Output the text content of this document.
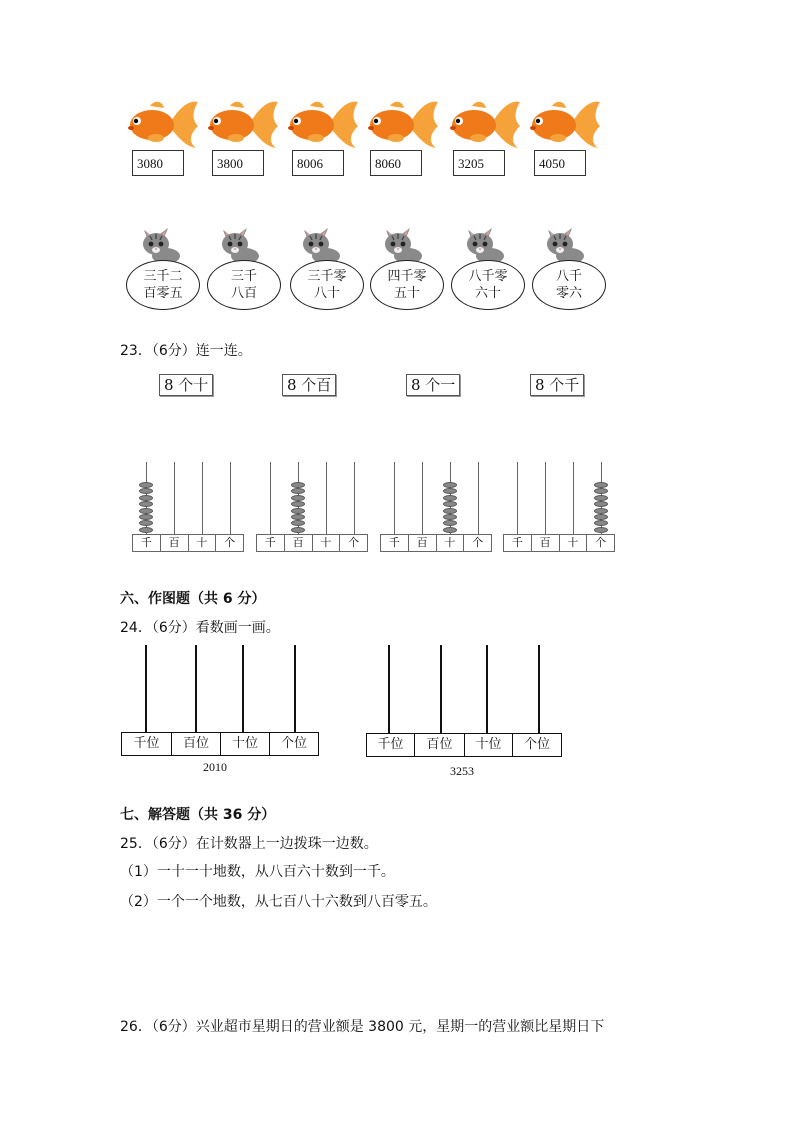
3080	3800	8006	8060	3205	4050
三千二
百零五
三千
八百
三千零
八十
四千零
五十
八千零
六十
八千
零六
23．（6分）连一连。
8 个十	8 个百	8 个一	8 个千
千	百	十	个	千	百	十	个	千	百	十	个	千	百	十	个
六、作图题（共 6 分）
24．（6分）看数画一画。
千位	百位	十位	个位
2010
千位	百位	十位	个位
3253
七、解答题（共 36 分）
25．（6分）在计数器上一边拨珠一边数。
（1）一十一十地数，从八百六十数到一千。
（2）一个一个地数，从七百八十六数到八百零五。
26．（6分）兴业超市星期日的营业额是 3800 元，星期一的营业额比星期日下
